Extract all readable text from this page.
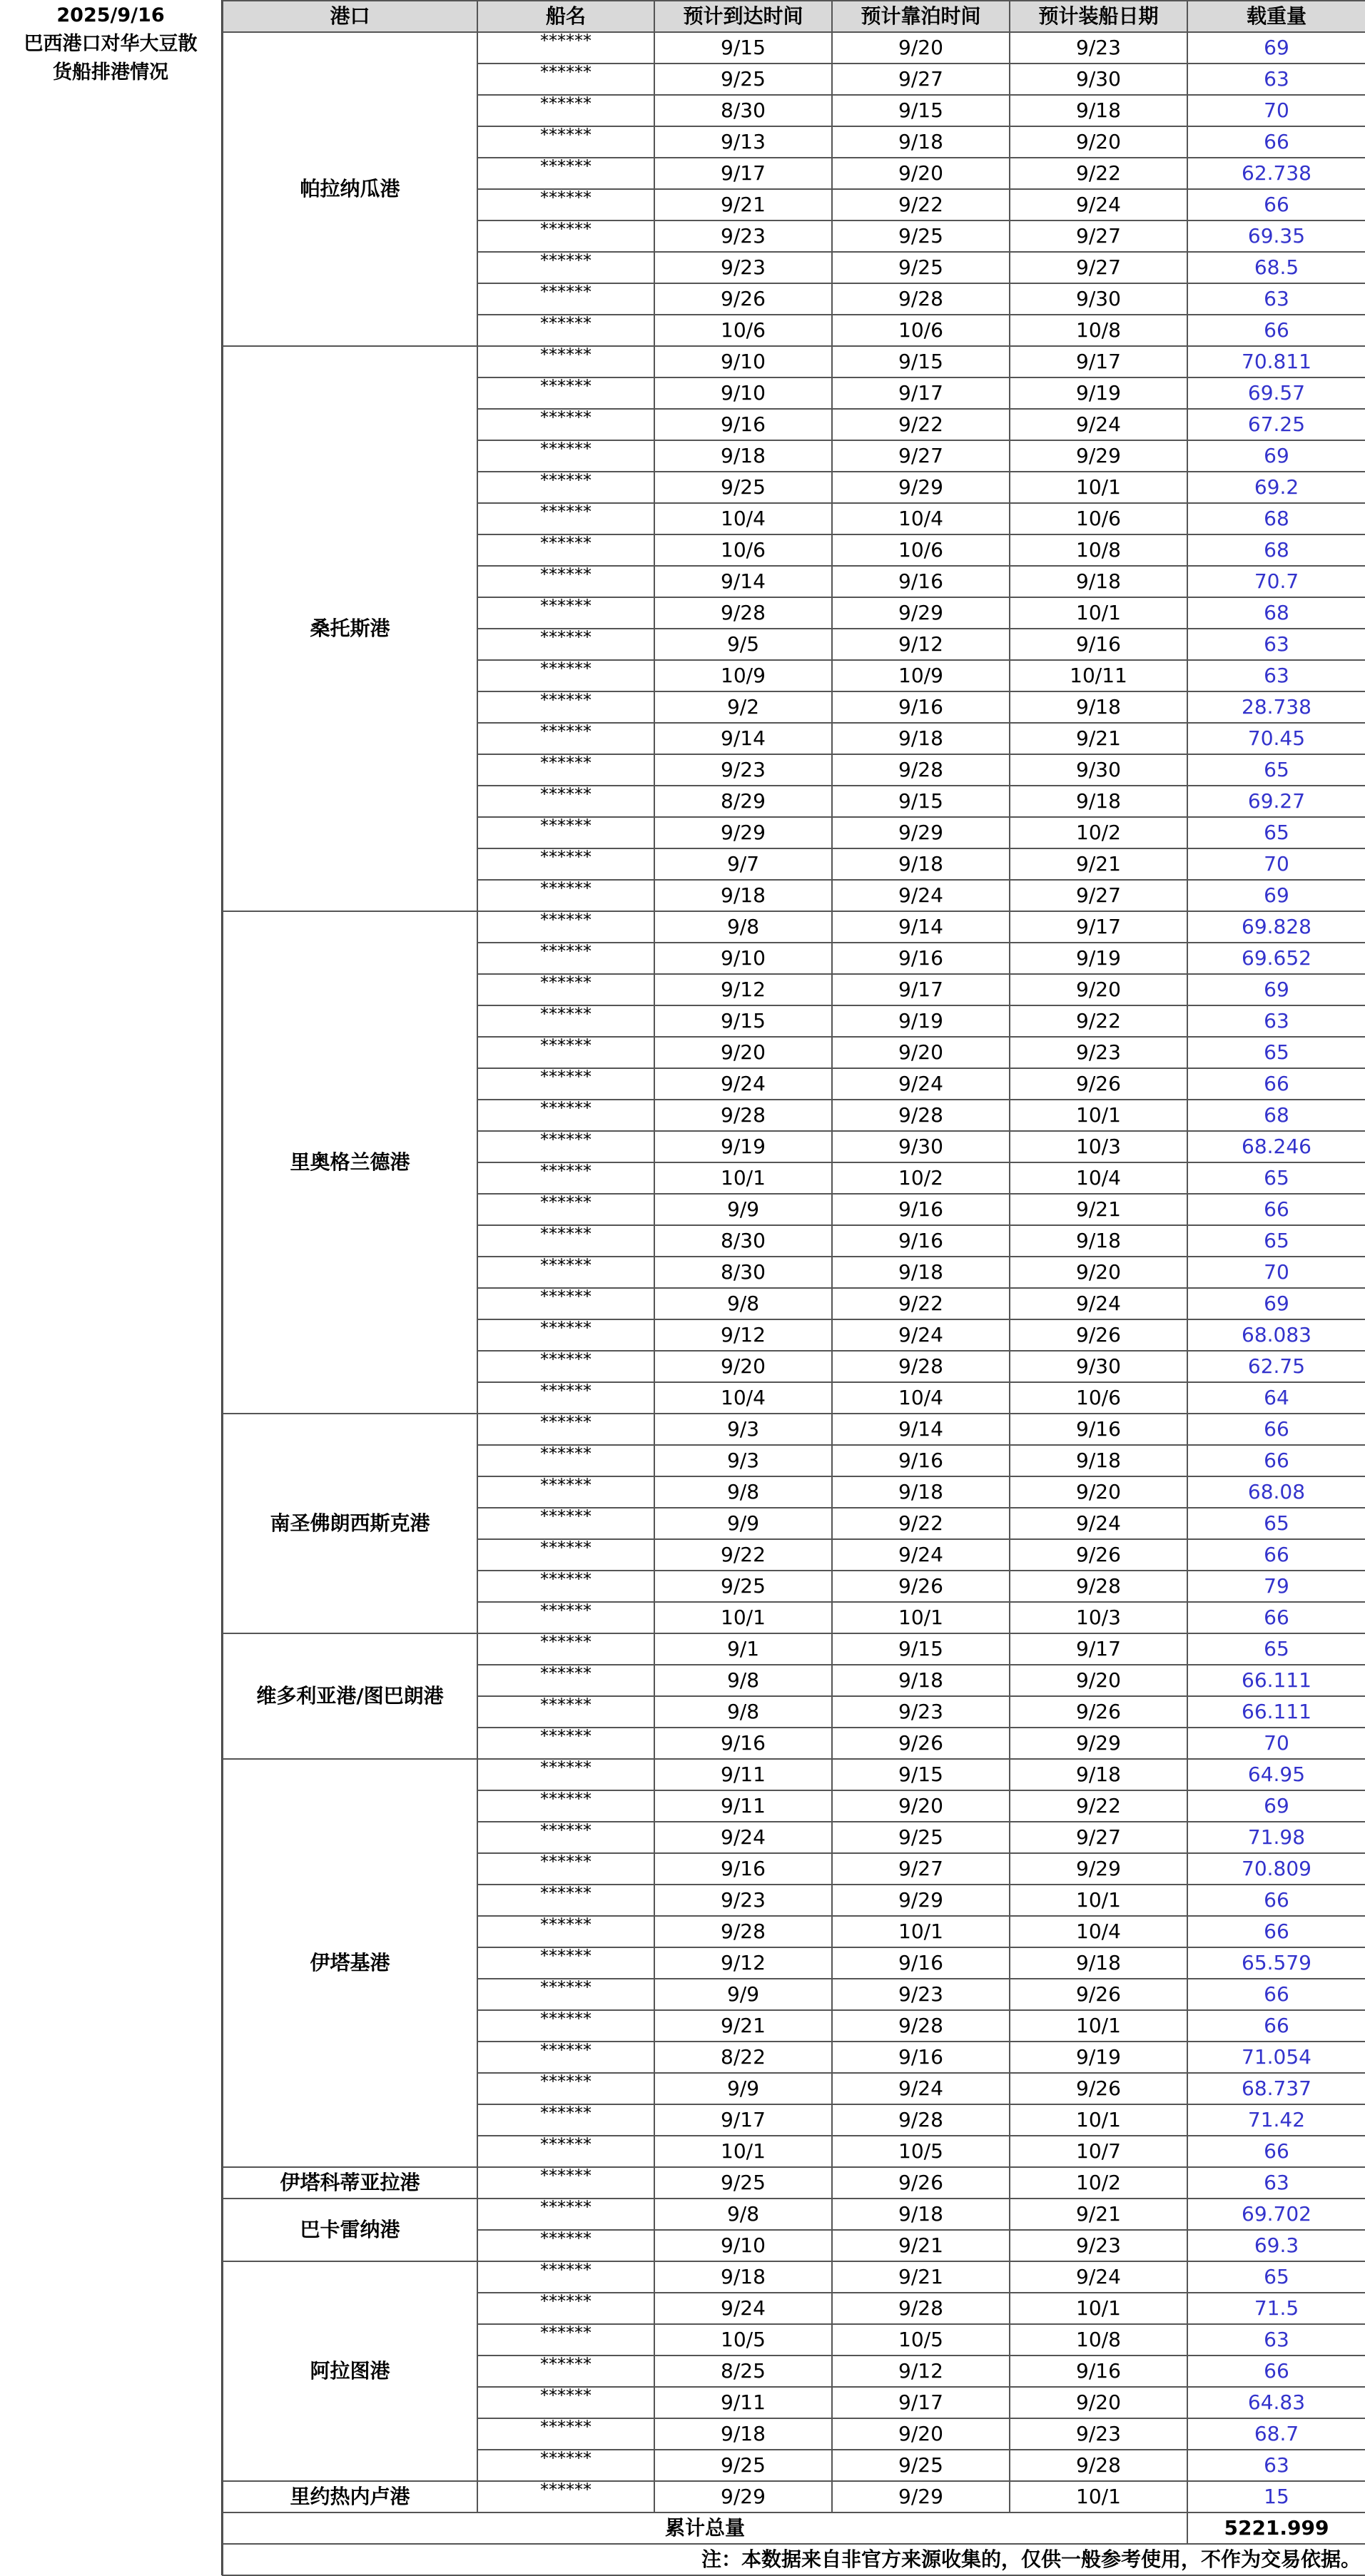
2025/9/16
巴西港口对华大豆散
货船排港情况
港口	船名	预计到达时间	预计靠泊时间	预计装船日期	载重量
帕拉纳瓜港	******	9/15	9/20	9/23	69
	******	9/25	9/27	9/30	63
	******	8/30	9/15	9/18	70
	******	9/13	9/18	9/20	66
	******	9/17	9/20	9/22	62.738
	******	9/21	9/22	9/24	66
	******	9/23	9/25	9/27	69.35
	******	9/23	9/25	9/27	68.5
	******	9/26	9/28	9/30	63
	******	10/6	10/6	10/8	66
桑托斯港	******	9/10	9/15	9/17	70.811
	******	9/10	9/17	9/19	69.57
	******	9/16	9/22	9/24	67.25
	******	9/18	9/27	9/29	69
	******	9/25	9/29	10/1	69.2
	******	10/4	10/4	10/6	68
	******	10/6	10/6	10/8	68
	******	9/14	9/16	9/18	70.7
	******	9/28	9/29	10/1	68
	******	9/5	9/12	9/16	63
	******	10/9	10/9	10/11	63
	******	9/2	9/16	9/18	28.738
	******	9/14	9/18	9/21	70.45
	******	9/23	9/28	9/30	65
	******	8/29	9/15	9/18	69.27
	******	9/29	9/29	10/2	65
	******	9/7	9/18	9/21	70
	******	9/18	9/24	9/27	69
里奥格兰德港	******	9/8	9/14	9/17	69.828
	******	9/10	9/16	9/19	69.652
	******	9/12	9/17	9/20	69
	******	9/15	9/19	9/22	63
	******	9/20	9/20	9/23	65
	******	9/24	9/24	9/26	66
	******	9/28	9/28	10/1	68
	******	9/19	9/30	10/3	68.246
	******	10/1	10/2	10/4	65
	******	9/9	9/16	9/21	66
	******	8/30	9/16	9/18	65
	******	8/30	9/18	9/20	70
	******	9/8	9/22	9/24	69
	******	9/12	9/24	9/26	68.083
	******	9/20	9/28	9/30	62.75
	******	10/4	10/4	10/6	64
南圣佛朗西斯克港	******	9/3	9/14	9/16	66
	******	9/3	9/16	9/18	66
	******	9/8	9/18	9/20	68.08
	******	9/9	9/22	9/24	65
	******	9/22	9/24	9/26	66
	******	9/25	9/26	9/28	79
	******	10/1	10/1	10/3	66
维多利亚港/图巴朗港	******	9/1	9/15	9/17	65
	******	9/8	9/18	9/20	66.111
	******	9/8	9/23	9/26	66.111
	******	9/16	9/26	9/29	70
伊塔基港	******	9/11	9/15	9/18	64.95
	******	9/11	9/20	9/22	69
	******	9/24	9/25	9/27	71.98
	******	9/16	9/27	9/29	70.809
	******	9/23	9/29	10/1	66
	******	9/28	10/1	10/4	66
	******	9/12	9/16	9/18	65.579
	******	9/9	9/23	9/26	66
	******	9/21	9/28	10/1	66
	******	8/22	9/16	9/19	71.054
	******	9/9	9/24	9/26	68.737
	******	9/17	9/28	10/1	71.42
	******	10/1	10/5	10/7	66
伊塔科蒂亚拉港	******	9/25	9/26	10/2	63
巴卡雷纳港	******	9/8	9/18	9/21	69.702
	******	9/10	9/21	9/23	69.3
阿拉图港	******	9/18	9/21	9/24	65
	******	9/24	9/28	10/1	71.5
	******	10/5	10/5	10/8	63
	******	8/25	9/12	9/16	66
	******	9/11	9/17	9/20	64.83
	******	9/18	9/20	9/23	68.7
	******	9/25	9/25	9/28	63
里约热内卢港	******	9/29	9/29	10/1	15
累计总量					5221.999
注：本数据来自非官方来源收集的，仅供一般参考使用，不作为交易依据。					
